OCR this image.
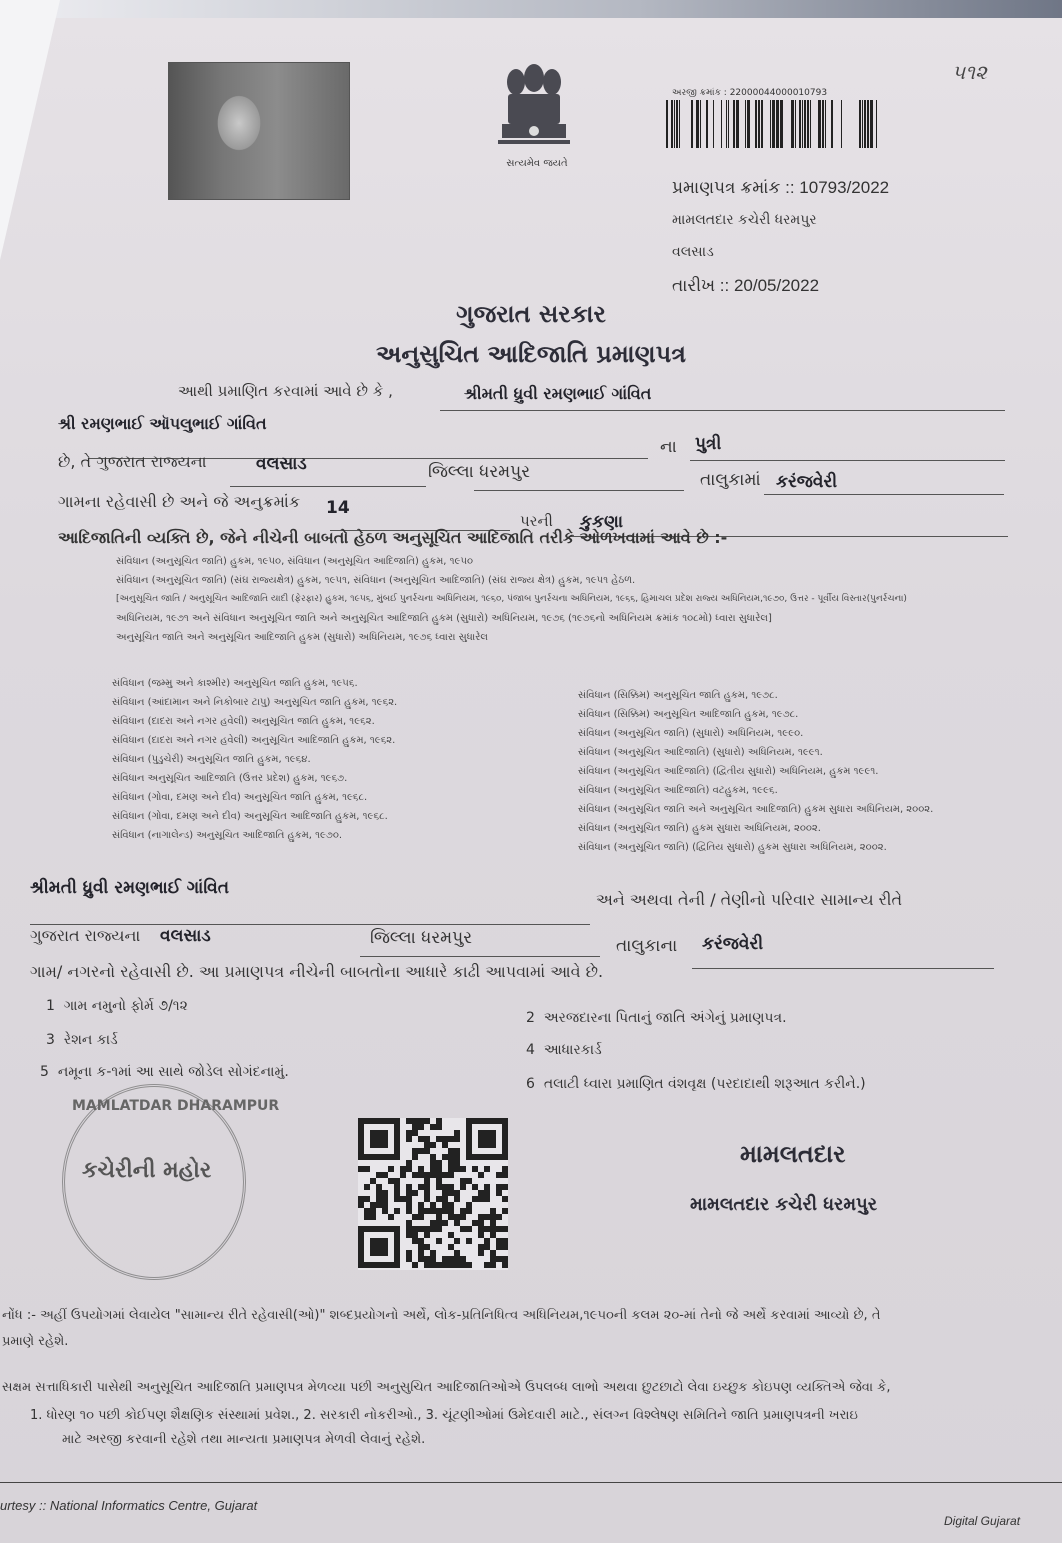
સત્યમેવ જયતે
૫૧૨
અરજી ક્રમાંક : 22000044000010793
પ્રમાણપત્ર ક્રમાંક :: 10793/2022
મામલતદાર કચેરી ધરમપુર
વલસાડ
તારીખ :: 20/05/2022
ગુજરાત સરકાર
અનુસુચિત આદિજાતિ પ્રમાણપત્ર
આથી પ્રમાણિત કરવામાં આવે છે કે ,	શ્રીમતી ધ્રુવી રમણભાઈ ગાંવિત
શ્રી રમણભાઈ ઑપલુભાઈ ગાંવિત
ના પુત્રી
છે, તે ગુજરાત રાજ્યના	વલસાડ	જિલ્લા ધરમપુર	તાલુકામાં કરંજવેરી
ગામના રહેવાસી છે અને જે અનુક્રમાંક 14
પરની કુકણા
આદિજાતિની વ્યક્તિ છે, જેને નીચેની બાબતો હેઠળ અનુસૂચિત આદિજાતિ તરીકે ઓળખવામાં આવે છે :-
સંવિધાન (અનુસૂચિત જાતિ) હુકમ, ૧૯૫૦, સંવિધાન (અનુસૂચિત આદિજાતિ) હુકમ, ૧૯૫૦
સંવિધાન (અનુસૂચિત જાતિ) (સંઘ રાજ્યક્ષેત્ર) હુકમ, ૧૯૫૧, સંવિધાન (અનુસૂચિત આદિજાતિ) (સંઘ રાજ્ય ક્ષેત્ર) હુકમ, ૧૯૫૧ હેઠળ.
[અનુસૂચિત જાતિ / અનુસૂચિત આદિજાતિ યાદી (ફેરફાર) હુકમ, ૧૯૫૬, મુંબઈ પુનર્રચના અધિનિયમ, ૧૯૬૦, પંજાબ પુનર્રચના અધિનિયમ, ૧૯૬૬, હિમાચલ પ્રદેશ રાજ્ય અધિનિયમ,૧૯૭૦, ઉત્તર - પૂર્વીય વિસ્તાર(પુનર્રચના)
અધિનિયમ, ૧૯૭૧ અને સંવિધાન અનુસૂચિત જાતિ અને અનુસૂચિત આદિજાતિ હુકમ (સુધારો) અધિનિયમ, ૧૯૭૬ (૧૯૭૬નો અધિનિયમ ક્રમાંક ૧૦૮મો) ધ્વારા સુધારેલ]
અનુસૂચિત જાતિ અને અનુસૂચિત આદિજાતિ હુકમ (સુધારો) અધિનિયમ, ૧૯૭૬ ધ્વારા સુધારેલ
સંવિધાન (જમ્મુ અને કાશ્મીર) અનુસૂચિત જાતિ હુકમ, ૧૯૫૬.
સંવિધાન (આંદામાન અને નિકોબાર ટાપુ) અનુસૂચિત જાતિ હુકમ, ૧૯૬૨.
સંવિધાન (દાદરા અને નગર હવેલી) અનુસૂચિત જાતિ હુકમ, ૧૯૬૨.
સંવિધાન (દાદરા અને નગર હવેલી) અનુસૂચિત આદિજાતિ હુકમ, ૧૯૬૨.
સંવિધાન (પુડુચેરી) અનુસૂચિત જાતિ હુકમ, ૧૯૬૪.
સંવિધાન અનુસૂચિત આદિજાતિ (ઉત્તર પ્રદેશ) હુકમ, ૧૯૬૭.
સંવિધાન (ગોવા, દમણ અને દીવ) અનુસૂચિત જાતિ હુકમ, ૧૯૬૮.
સંવિધાન (ગોવા, દમણ અને દીવ) અનુસૂચિત આદિજાતિ હુકમ, ૧૯૬૮.
સંવિધાન (નાગાલેન્ડ) અનુસૂચિત આદિજાતિ હુકમ, ૧૯૭૦.
સંવિધાન (સિક્કિમ) અનુસૂચિત જાતિ હુકમ, ૧૯૭૮.
સંવિધાન (સિક્કિમ) અનુસૂચિત આદિજાતિ હુકમ, ૧૯૭૮.
સંવિધાન (અનુસૂચિત જાતિ) (સુધારો) અધિનિયમ, ૧૯૯૦.
સંવિધાન (અનુસૂચિત આદિજાતિ) (સુધારો) અધિનિયમ, ૧૯૯૧.
સંવિધાન (અનુસૂચિત આદિજાતિ) (દ્વિતીય સુધારો) અધિનિયમ, હુકમ ૧૯૯૧.
સંવિધાન (અનુસૂચિત આદિજાતિ) વટહુકમ, ૧૯૯૬.
સંવિધાન (અનુસૂચિત જાતિ અને અનુસૂચિત આદિજાતિ) હુકમ સુધારા અધિનિયમ, ૨૦૦૨.
સંવિધાન (અનુસૂચિત જાતિ) હુકમ સુધારા અધિનિયમ, ૨૦૦૨.
સંવિધાન (અનુસૂચિત જાતિ) (દ્વિતિય સુધારો) હુકમ સુધારા અધિનિયમ, ૨૦૦૨.
શ્રીમતી ધ્રુવી રમણભાઈ ગાંવિત
અને અથવા તેની / તેણીનો પરિવાર સામાન્ય રીતે
ગુજરાત રાજ્યના વલસાડ	જિલ્લા ધરમપુર	તાલુકાના કરંજવેરી
ગામ/ નગરનો રહેવાસી છે. આ પ્રમાણપત્ર નીચેની બાબતોના આધારે કાઢી આપવામાં આવે છે.
1 ગામ નમુનો ફોર્મ ૭/૧૨
2 અરજદારના પિતાનું જાતિ અંગેનું પ્રમાણપત્ર.
3 રેશન કાર્ડ
4 આધારકાર્ડ
5 નમૂના ક-૧માં આ સાથે જોડેલ સોગંદનામું.
6 તલાટી ધ્વારા પ્રમાણિત વંશવૃક્ષ (પરદાદાથી શરૂઆત કરીને.)
MAMLATDAR DHARAMPUR
કચેરીની મહોર
મામલતદાર
મામલતદાર કચેરી ધરમપુર
નોંધ :- અહીં ઉપયોગમાં લેવાયેલ "સામાન્ય રીતે રહેવાસી(ઓ)" શબ્દપ્રયોગનો અર્થે, લોક-પ્રતિનિધિત્વ અધિનિયમ,૧૯૫૦ની કલમ ૨૦-માં તેનો જે અર્થે કરવામાં આવ્યો છે, તે
પ્રમાણે રહેશે.
સક્ષમ સત્તાધિકારી પાસેથી અનુસૂચિત આદિજાતિ પ્રમાણપત્ર મેળવ્યા પછી અનુસુચિત આદિજાતિઓએ ઉપલબ્ધ લાભો અથવા છુટછાટો લેવા ઇચ્છુક કોઇપણ વ્યક્તિએ જેવા કે,
1. ધોરણ ૧૦ પછી કોઈપણ શૈક્ષણિક સંસ્થામાં પ્રવેશ., 2. સરકારી નોકરીઓ., 3. ચૂંટણીઓમાં ઉમેદવારી માટે., સંલગ્ન વિશ્લેષણ સમિતિને જાતિ પ્રમાણપત્રની ખરાઇ
માટે અરજી કરવાની રહેશે તથા માન્યતા પ્રમાણપત્ર મેળવી લેવાનું રહેશે.
urtesy :: National Informatics Centre, Gujarat
Digital Gujarat
